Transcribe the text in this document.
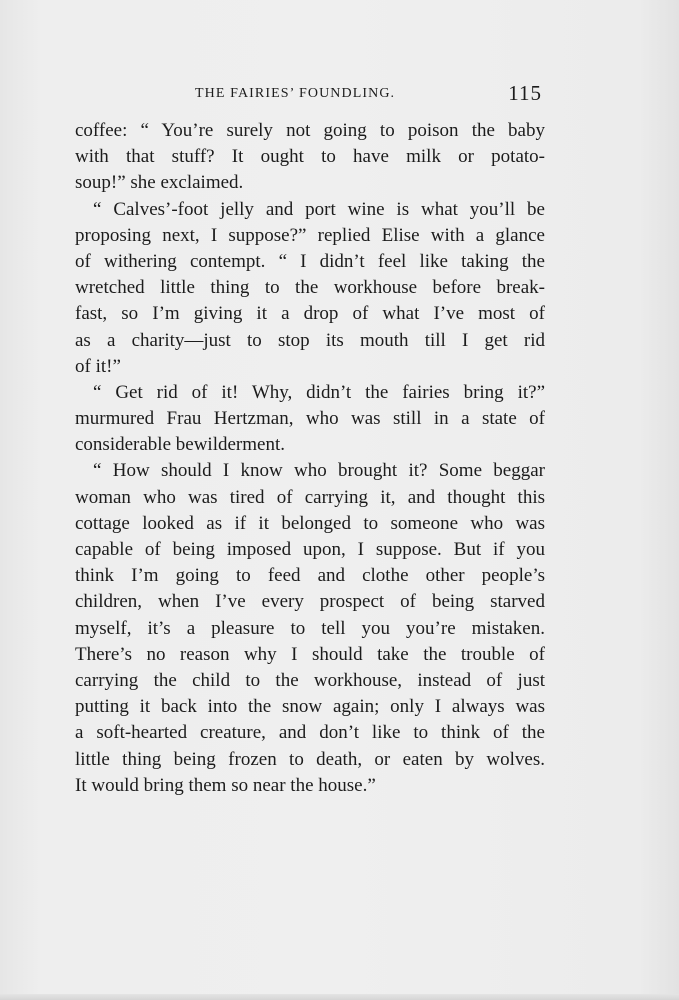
THE FAIRIES’ FOUNDLING.	115
coffee: “ You’re surely not going to poison the baby
with that stuff? It ought to have milk or potato-
soup!” she exclaimed.
“ Calves’-foot jelly and port wine is what you’ll be
proposing next, I suppose?” replied Elise with a glance
of withering contempt. “ I didn’t feel like taking the
wretched little thing to the workhouse before break-
fast, so I’m giving it a drop of what I’ve most of
as a charity—just to stop its mouth till I get rid
of it!”
“ Get rid of it! Why, didn’t the fairies bring it?”
murmured Frau Hertzman, who was still in a state of
considerable bewilderment.
“ How should I know who brought it? Some beggar
woman who was tired of carrying it, and thought this
cottage looked as if it belonged to someone who was
capable of being imposed upon, I suppose. But if you
think I’m going to feed and clothe other people’s
children, when I’ve every prospect of being starved
myself, it’s a pleasure to tell you you’re mistaken.
There’s no reason why I should take the trouble of
carrying the child to the workhouse, instead of just
putting it back into the snow again; only I always was
a soft-hearted creature, and don’t like to think of the
little thing being frozen to death, or eaten by wolves.
It would bring them so near the house.”
